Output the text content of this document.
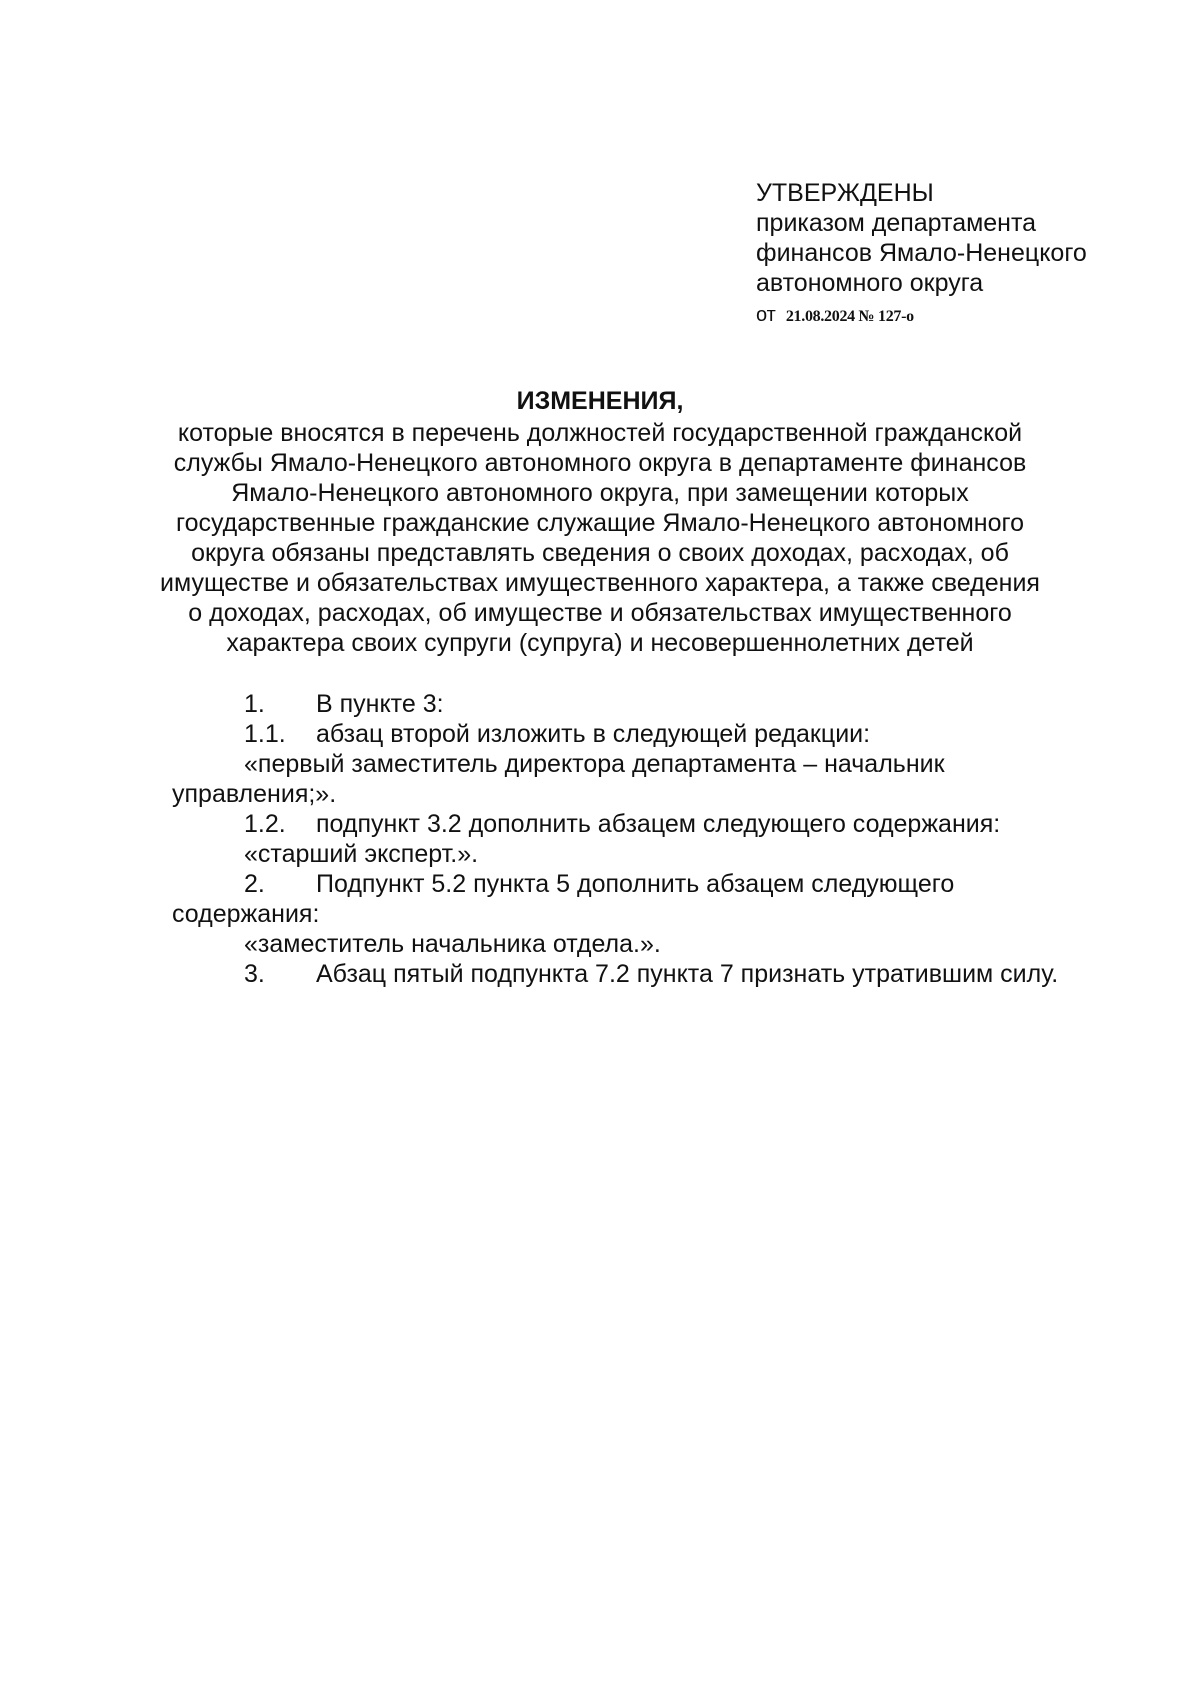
УТВЕРЖДЕНЫ
приказом департамента
финансов Ямало-Ненецкого
автономного округа
от 21.08.2024 № 127-о
ИЗМЕНЕНИЯ,
которые вносятся в перечень должностей государственной гражданской
службы Ямало-Ненецкого автономного округа в департаменте финансов
Ямало-Ненецкого автономного округа, при замещении которых
государственные гражданские служащие Ямало-Ненецкого автономного
округа обязаны представлять сведения о своих доходах, расходах, об
имуществе и обязательствах имущественного характера, а также сведения
о доходах, расходах, об имуществе и обязательствах имущественного
характера своих супруги (супруга) и несовершеннолетних детей
1. В пункте 3:
1.1. абзац второй изложить в следующей редакции:
«первый заместитель директора департамента – начальник
управления;».
1.2. подпункт 3.2 дополнить абзацем следующего содержания:
«старший эксперт.».
2. Подпункт 5.2 пункта 5 дополнить абзацем следующего
содержания:
«заместитель начальника отдела.».
3. Абзац пятый подпункта 7.2 пункта 7 признать утратившим силу.
